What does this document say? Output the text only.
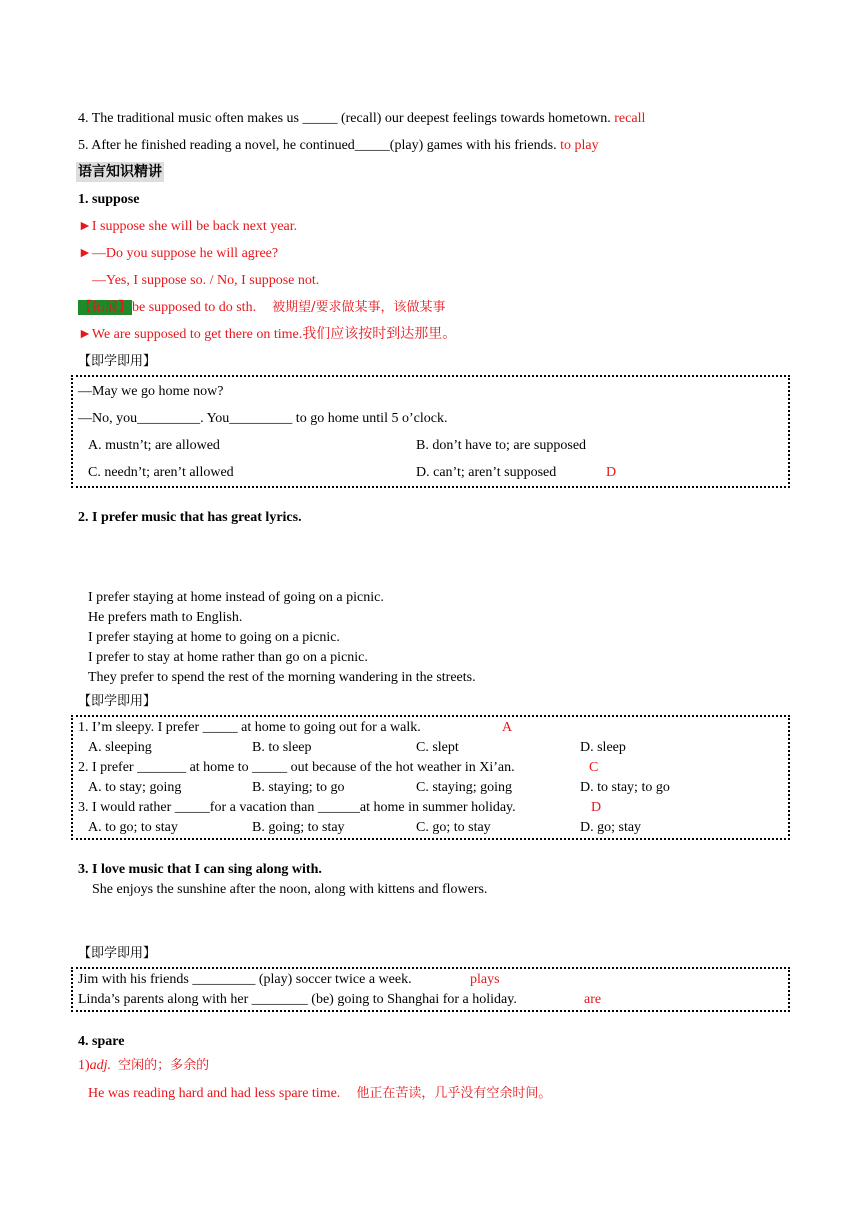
4. The traditional music often makes us _____ (recall) our deepest feelings towards hometown. recall
5. After he finished reading a novel, he continued_____(play) games with his friends. to play
语言知识精讲
1. suppose
►I suppose she will be back next year.
►—Do you suppose he will agree?
—Yes, I suppose so. / No, I suppose not.
【拓展】be supposed to do sth. 被期望/要求做某事，该做某事
►We are supposed to get there on time.我们应该按时到达那里。
【即学即用】
—May we go home now?
—No, you_________. You_________ to go home until 5 o’clock.
A. mustn’t; are allowed	B. don’t have to; are supposed
C. needn’t; aren’t allowed	D. can’t; aren’t supposed	D
2. I prefer music that has great lyrics.
I prefer staying at home instead of going on a picnic.
He prefers math to English.
I prefer staying at home to going on a picnic.
I prefer to stay at home rather than go on a picnic.
They prefer to spend the rest of the morning wandering in the streets.
【即学即用】
1. I’m sleepy. I prefer _____ at home to going out for a walk.	A
A. sleeping	B. to sleep	C. slept	D. sleep
2. I prefer _______ at home to _____ out because of the hot weather in Xi’an.	C
A. to stay; going	B. staying; to go	C. staying; going	D. to stay; to go
3. I would rather _____for a vacation than ______at home in summer holiday.	D
A. to go; to stay	B. going; to stay	C. go; to stay	D. go; stay
3. I love music that I can sing along with.
She enjoys the sunshine after the noon, along with kittens and flowers.
【即学即用】
Jim with his friends _________ (play) soccer twice a week.	plays
Linda’s parents along with her ________ (be) going to Shanghai for a holiday.	are
4. spare
1)adj. 空闲的；多余的
He was reading hard and had less spare time. 他正在苦读，几乎没有空余时间。
